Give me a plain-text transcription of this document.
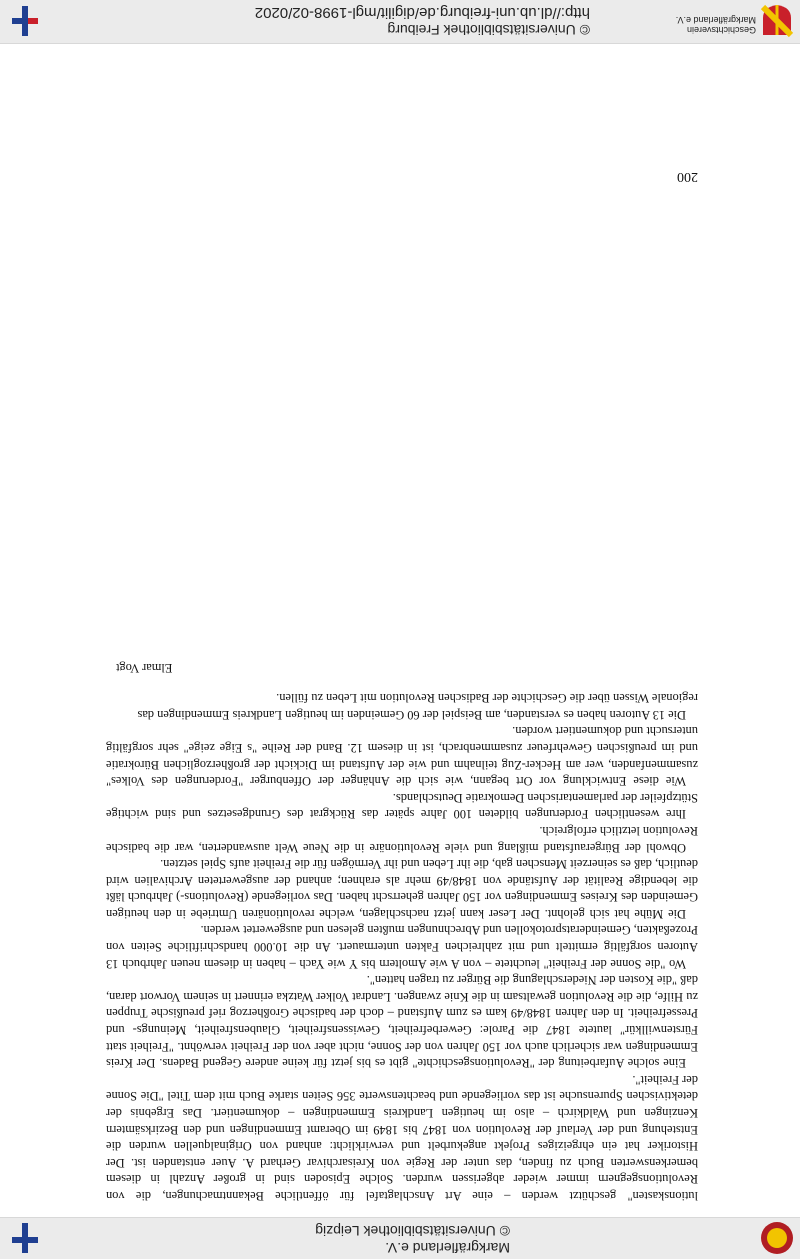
Markgräflerland e.V.
© Universitätsbibliothek Leipzig

lutionskasten" geschützt werden – eine Art Anschlagtafel für öffentliche Bekanntmachungen, die von Revolutionsgegnern immer wieder abgerissen wurden. Solche Episoden sind in großer Anzahl in diesem bemerkenswerten Buch zu finden, das unter der Regie von Kreisarchivar Gerhard A. Auer entstanden ist. Der Historiker hat ein ehrgeiziges Projekt angekurbelt und verwirklicht: anhand von Originalquellen wurden die Entstehung und der Verlauf der Revolution von 1847 bis 1849 im Oberamt Emmendingen und den Bezirksämtern Kenzingen und Waldkirch – also im heutigen Landkreis Emmendingen – dokumentiert. Das Ergebnis der detektivischen Spurensuche ist das vorliegende und beachtenswerte 356 Seiten starke Buch mit dem Titel "Die Sonne der Freiheit".

Eine solche Aufarbeitung der "Revolutionsgeschichte" gibt es bis jetzt für keine andere Gegend Badens. Der Kreis Emmendingen war sicherlich auch vor 150 Jahren von der Sonne, nicht aber von der Freiheit verwöhnt. "Freiheit statt Fürstenwillkür" lautete 1847 die Parole: Gewerbefreiheit, Gewissensfreiheit, Glaubensfreiheit, Meinungs- und Pressefreiheit. In den Jahren 1848/49 kam es zum Aufstand – doch der badische Großherzog rief preußische Truppen zu Hilfe, die die Revolution gewaltsam in die Knie zwangen. Landrat Volker Watzka erinnert in seinem Vorwort daran, daß "die Kosten der Niederschlagung die Bürger zu tragen hatten".

Wo "die Sonne der Freiheit" leuchtete – von A wie Amoltern bis Y wie Yach – haben in diesem neuen Jahrbuch 13 Autoren sorgfältig ermittelt und mit zahlreichen Fakten untermauert. An die 10.000 handschriftliche Seiten von Prozeßakten, Gemeinderatsprotokollen und Abrechnungen mußten gelesen und ausgewertet werden.

Die Mühe hat sich gelohnt. Der Leser kann jetzt nachschlagen, welche revolutionären Umtriebe in den heutigen Gemeinden des Kreises Emmendingen vor 150 Jahren geherrscht haben. Das vorliegende (Revolutions-) Jahrbuch läßt die lebendige Realität der Aufstände von 1848/49 mehr als erahnen; anhand der ausgewerteten Archivalien wird deutlich, daß es seinerzeit Menschen gab, die ihr Leben und ihr Vermögen für die Freiheit aufs Spiel setzten.

Obwohl der Bürgeraufstand mißlang und viele Revolutionäre in die Neue Welt auswanderten, war die badische Revolution letztlich erfolgreich.

Ihre wesentlichen Forderungen bildeten 100 Jahre später das Rückgrat des Grundgesetzes und sind wichtige Stützpfeiler der parlamentarischen Demokratie Deutschlands.

Wie diese Entwicklung vor Ort begann, wie sich die Anhänger der Offenburger "Forderungen des Volkes" zusammenfanden, wer am Hecker-Zug teilnahm und wie der Aufstand im Dickicht der großherzoglichen Bürokratie und im preußischen Gewehrfeuer zusammenbrach, ist in diesem 12. Band der Reihe "s Eige zeige" sehr sorgfältig untersucht und dokumentiert worden.

Die 13 Autoren haben es verstanden, am Beispiel der 60 Gemeinden im heutigen Landkreis Emmendingen das regionale Wissen über die Geschichte der Badischen Revolution mit Leben zu füllen.

Elmar Vogt

200
Geschichtsverein
Markgräflerland e.V.
© Universitätsbibliothek Freiburg
http://dl.ub.uni-freiburg.de/digilit/mgl-1998-02/0202
